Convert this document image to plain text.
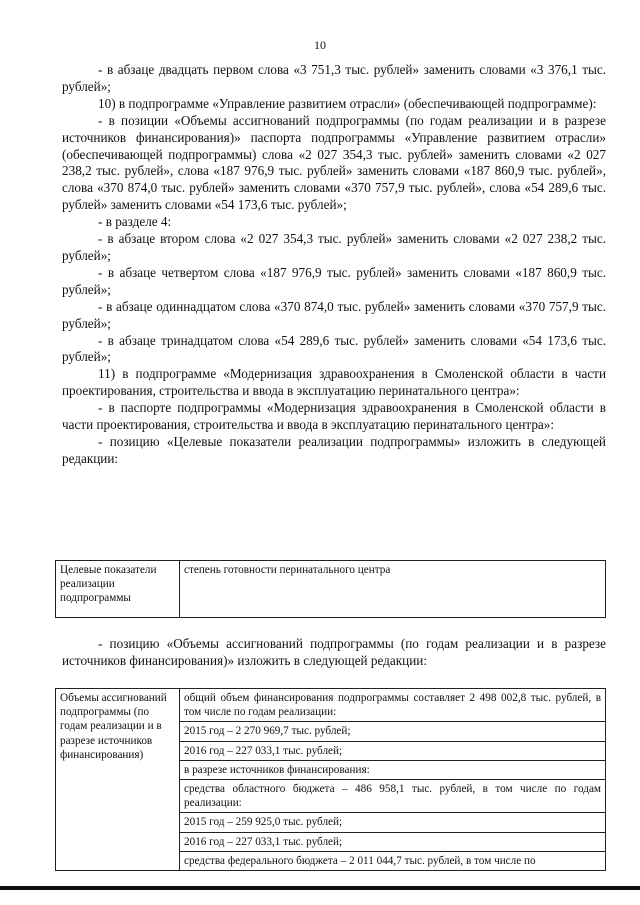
10

- в абзаце двадцать первом слова «3 751,3 тыс. рублей» заменить словами «3 376,1 тыс. рублей»;

10) в подпрограмме «Управление развитием отрасли» (обеспечивающей подпрограмме):

- в позиции «Объемы ассигнований подпрограммы (по годам реализации и в разрезе источников финансирования)» паспорта подпрограммы «Управление развитием отрасли» (обеспечивающей подпрограммы) слова «2 027 354,3 тыс. рублей» заменить словами «2 027 238,2 тыс. рублей», слова «187 976,9 тыс. рублей» заменить словами «187 860,9 тыс. рублей», слова «370 874,0 тыс. рублей» заменить словами «370 757,9 тыс. рублей», слова «54 289,6 тыс. рублей» заменить словами «54 173,6 тыс. рублей»;

- в разделе 4:

- в абзаце втором слова «2 027 354,3 тыс. рублей» заменить словами «2 027 238,2 тыс. рублей»;

- в абзаце четвертом слова «187 976,9 тыс. рублей» заменить словами «187 860,9 тыс. рублей»;

- в абзаце одиннадцатом слова «370 874,0 тыс. рублей» заменить словами «370 757,9 тыс. рублей»;

- в абзаце тринадцатом слова «54 289,6 тыс. рублей» заменить словами «54 173,6 тыс. рублей»;

11) в подпрограмме «Модернизация здравоохранения в Смоленской области в части проектирования, строительства и ввода в эксплуатацию перинатального центра»:

- в паспорте подпрограммы «Модернизация здравоохранения в Смоленской области в части проектирования, строительства и ввода в эксплуатацию перинатального центра»:

- позицию «Целевые показатели реализации подпрограммы» изложить в следующей редакции:

Целевые показатели реализации подпрограммы	степень готовности перинатального центра

- позицию «Объемы ассигнований подпрограммы (по годам реализации и в разрезе источников финансирования)» изложить в следующей редакции:

Объемы ассигнований подпрограммы (по годам реализации и в разрезе источников финансирования)	общий объем финансирования подпрограммы составляет 2 498 002,8 тыс. рублей, в том числе по годам реализации:
2015 год – 2 270 969,7 тыс. рублей;
2016 год – 227 033,1 тыс. рублей;
в разрезе источников финансирования:
средства областного бюджета – 486 958,1 тыс. рублей, в том числе по годам реализации:
2015 год – 259 925,0 тыс. рублей;
2016 год – 227 033,1 тыс. рублей;
средства федерального бюджета – 2 011 044,7 тыс. рублей, в том числе по
